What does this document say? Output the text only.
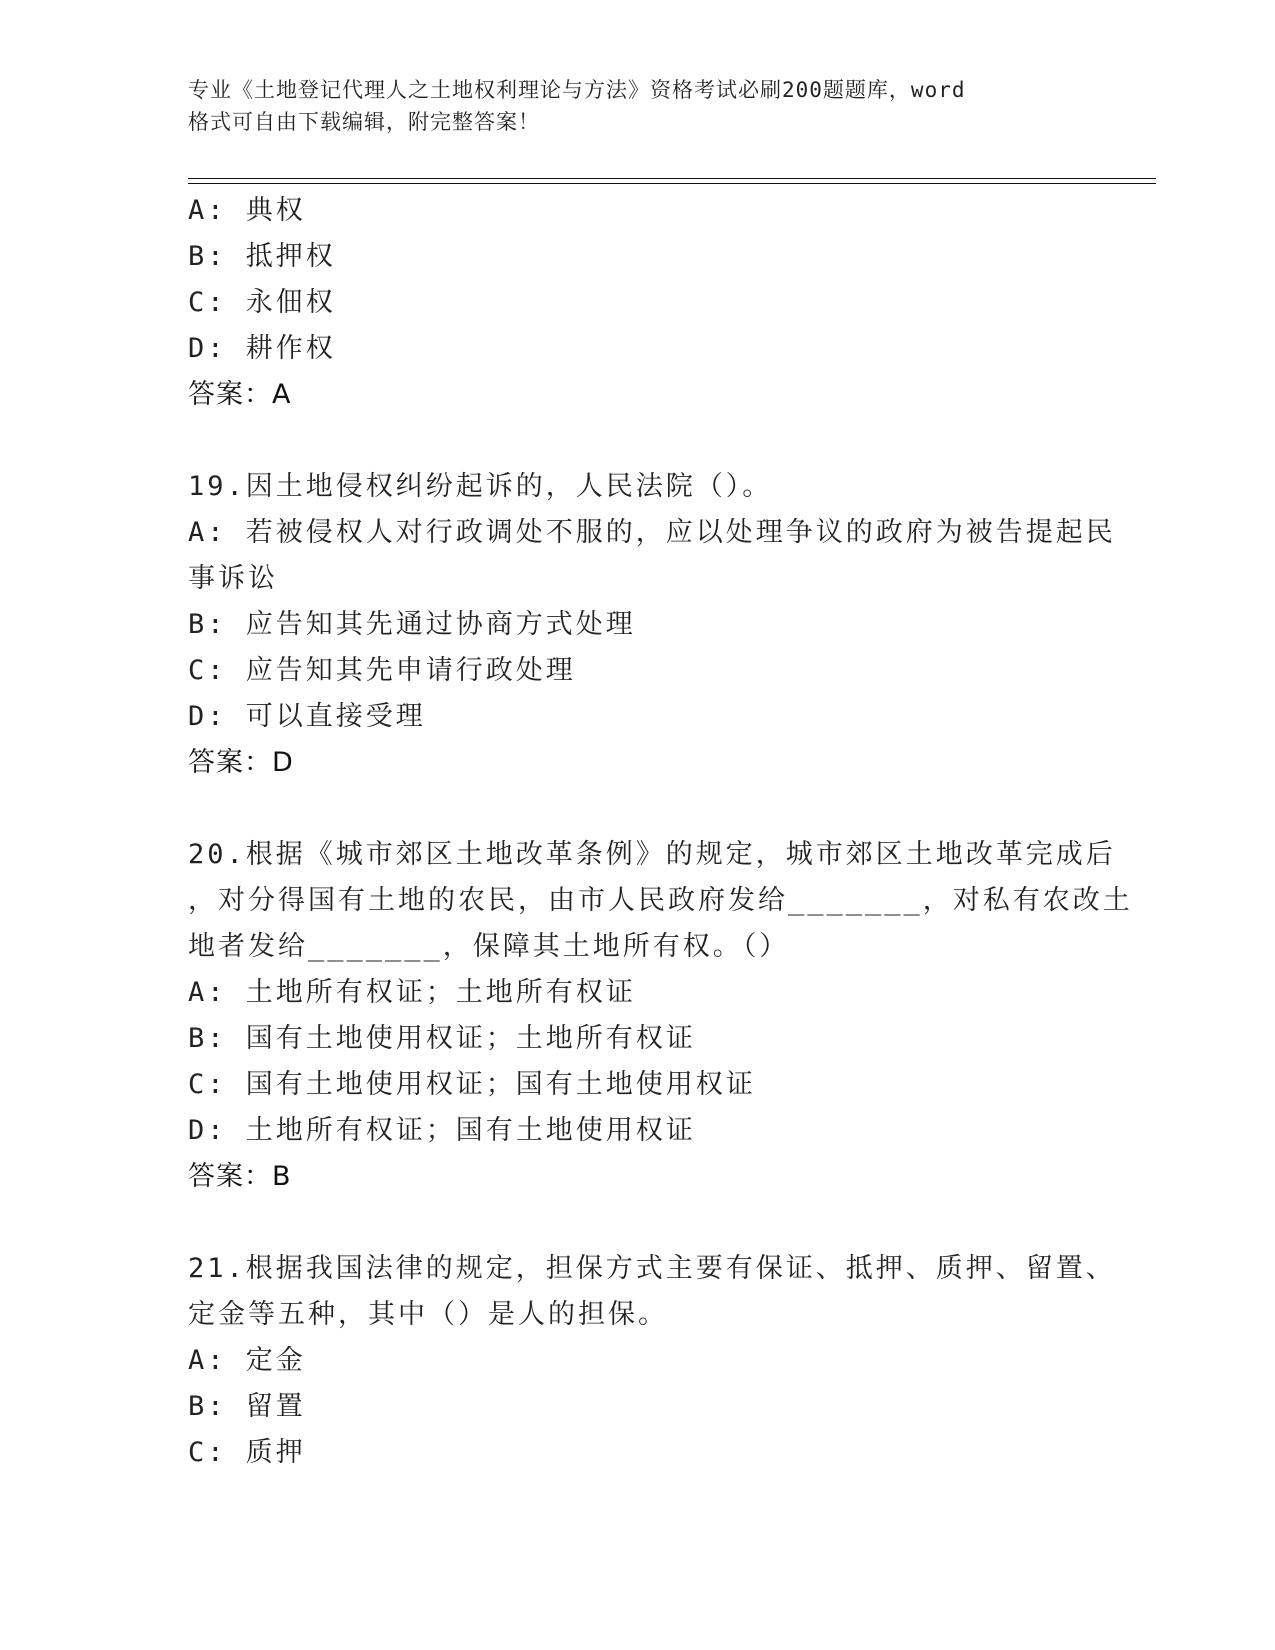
专业《土地登记代理人之土地权利理论与方法》资格考试必刷200题题库，word
格式可自由下载编辑，附完整答案！
A: 典权
B: 抵押权
C: 永佃权
D: 耕作权
答案：A
19.因土地侵权纠纷起诉的，人民法院（）。
A: 若被侵权人对行政调处不服的，应以处理争议的政府为被告提起民
事诉讼
B: 应告知其先通过协商方式处理
C: 应告知其先申请行政处理
D: 可以直接受理
答案：D
20.根据《城市郊区土地改革条例》的规定，城市郊区土地改革完成后
，对分得国有土地的农民，由市人民政府发给_______，对私有农改土
地者发给_______，保障其土地所有权。（）
A: 土地所有权证；土地所有权证
B: 国有土地使用权证；土地所有权证
C: 国有土地使用权证；国有土地使用权证
D: 土地所有权证；国有土地使用权证
答案：B
21.根据我国法律的规定，担保方式主要有保证、抵押、质押、留置、
定金等五种，其中（）是人的担保。
A: 定金
B: 留置
C: 质押
